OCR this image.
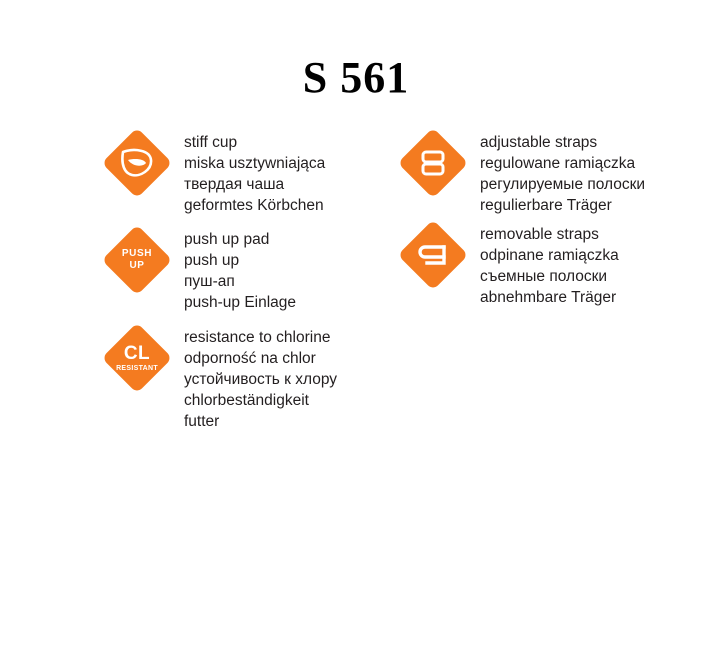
S 561
stiff cup
miska usztywniająca
твердая чаша
geformtes Körbchen
PUSH
UP
push up pad
push up
пуш-ап
push-up Einlage
CL
RESISTANT
resistance to chlorine
odporność na chlor
устойчивость к хлору
chlorbeständigkeit
futter
adjustable straps
regulowane ramiączka
регулируемые полоски
regulierbare Träger
removable straps
odpinane ramiączka
съемные полоски
abnehmbare Träger
